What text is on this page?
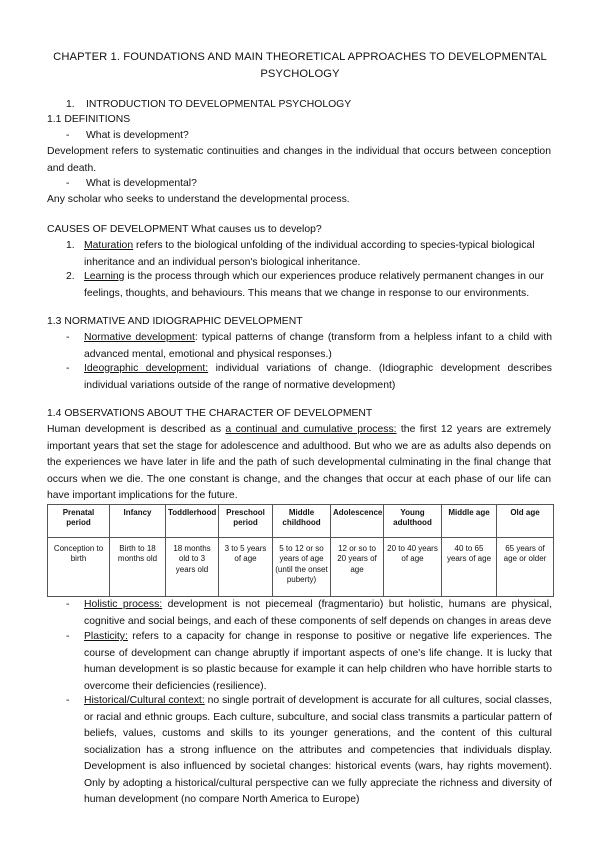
CHAPTER 1. FOUNDATIONS AND MAIN THEORETICAL APPROACHES TO DEVELOPMENTAL
PSYCHOLOGY
1. INTRODUCTION TO DEVELOPMENTAL PSYCHOLOGY
1.1 DEFINITIONS
- What is development?
Development refers to systematic continuities and changes in the individual that occurs between conception and death.
- What is developmental?
Any scholar who seeks to understand the developmental process.
CAUSES OF DEVELOPMENT What causes us to develop?
1. Maturation refers to the biological unfolding of the individual according to species-typical biological inheritance and an individual person's biological inheritance.
2. Learning is the process through which our experiences produce relatively permanent changes in our feelings, thoughts, and behaviours. This means that we change in response to our environments.
1.3 NORMATIVE AND IDIOGRAPHIC DEVELOPMENT
- Normative development: typical patterns of change (transform from a helpless infant to a child with advanced mental, emotional and physical responses.)
- Ideographic development: individual variations of change. (Idiographic development describes individual variations outside of the range of normative development)
1.4 OBSERVATIONS ABOUT THE CHARACTER OF DEVELOPMENT
Human development is described as a continual and cumulative process: the first 12 years are extremely important years that set the stage for adolescence and adulthood. But who we are as adults also depends on the experiences we have later in life and the path of such developmental culminating in the final change that occurs when we die. The one constant is change, and the changes that occur at each phase of our life can have important implications for the future.
Prenatal period	Infancy	Toddlerhood	Preschool period	Middle childhood	Adolescence	Young adulthood	Middle age	Old age
Conception to birth	Birth to 18 months old	18 months old to 3 years old	3 to 5 years of age	5 to 12 or so years of age (until the onset puberty)	12 or so to 20 years of age	20 to 40 years of age	40 to 65 years of age	65 years of age or older
- Holistic process: development is not piecemeal (fragmentario) but holistic, humans are physical, cognitive and social beings, and each of these components of self depends on changes in areas deve
- Plasticity: refers to a capacity for change in response to positive or negative life experiences. The course of development can change abruptly if important aspects of one's life change. It is lucky that human development is so plastic because for example it can help children who have horrible starts to overcome their deficiencies (resilience).
- Historical/Cultural context: no single portrait of development is accurate for all cultures, social classes, or racial and ethnic groups. Each culture, subculture, and social class transmits a particular pattern of beliefs, values, customs and skills to its younger generations, and the content of this cultural socialization has a strong influence on the attributes and competencies that individuals display. Development is also influenced by societal changes: historical events (wars, hay rights movement). Only by adopting a historical/cultural perspective can we fully appreciate the richness and diversity of human development (no compare North America to Europe)
